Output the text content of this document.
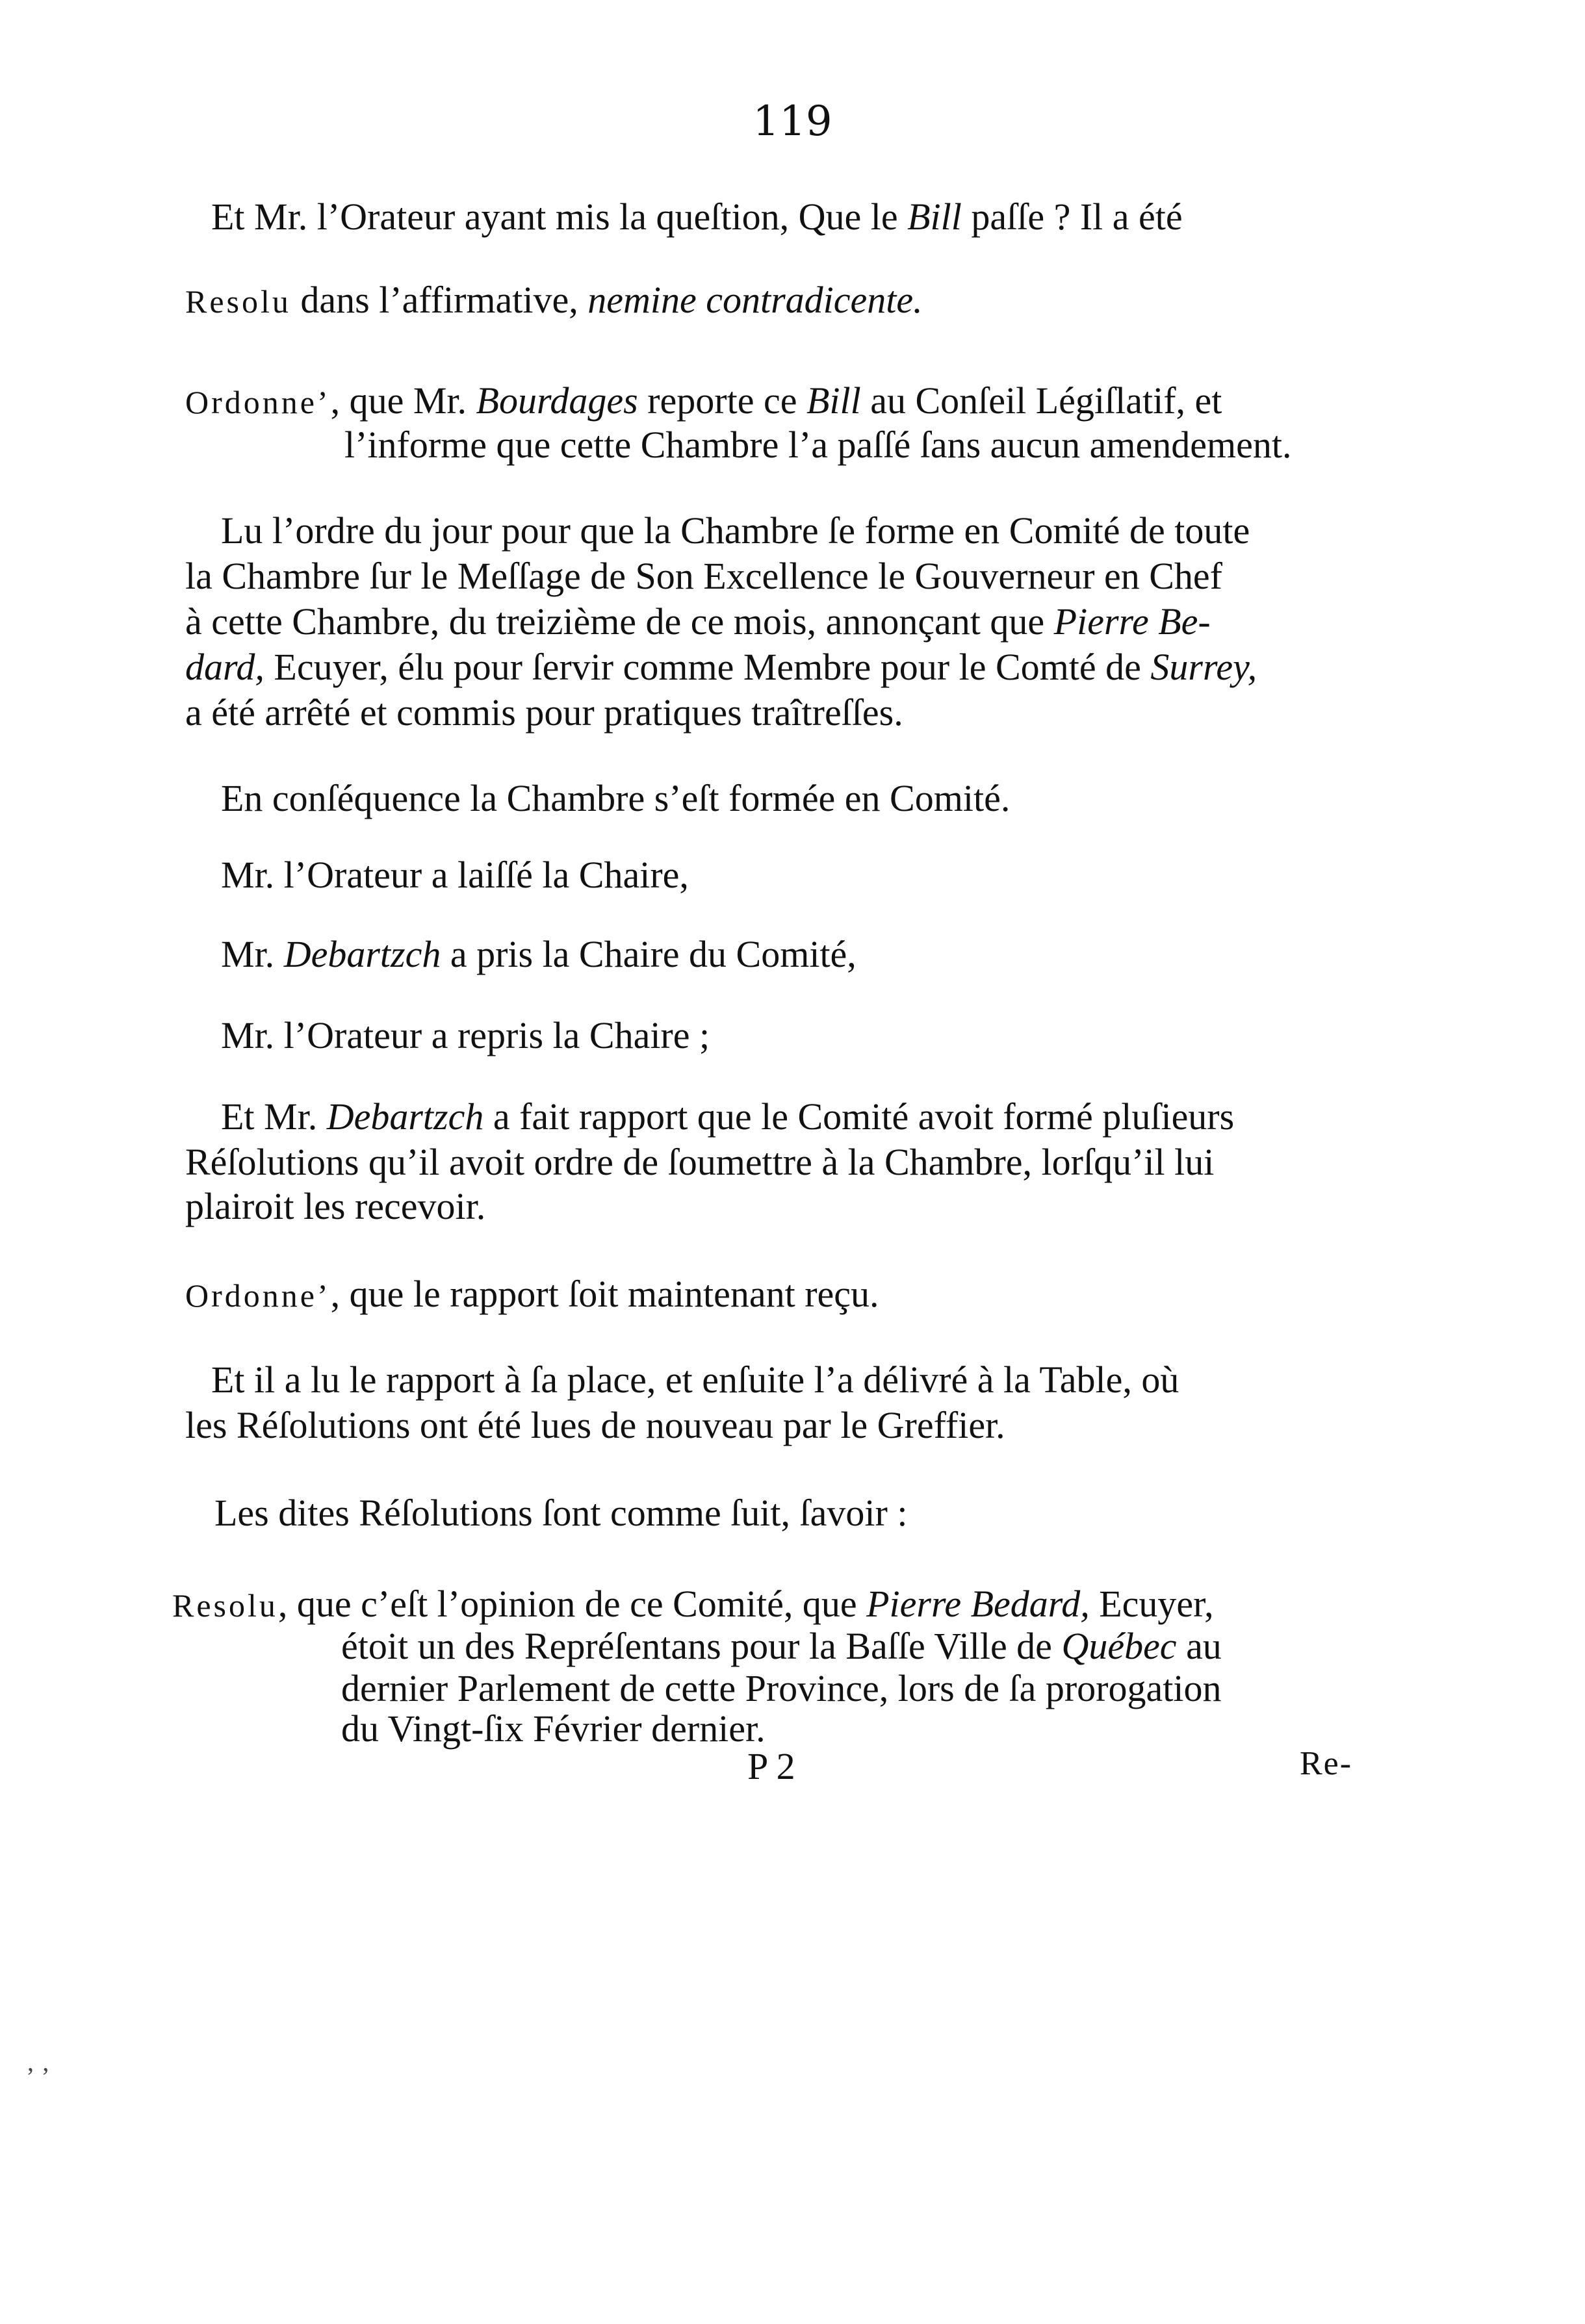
119
Et Mr. l’Orateur ayant mis la queſtion, Que le Bill paſſe ? Il a été
Resolu dans l’affirmative, nemine contradicente.
Ordonne’, que Mr. Bourdages reporte ce Bill au Conſeil Légiſlatif, et
l’informe que cette Chambre l’a paſſé ſans aucun amendement.
Lu l’ordre du jour pour que la Chambre ſe forme en Comité de toute
la Chambre ſur le Meſſage de Son Excellence le Gouverneur en Chef
à cette Chambre, du treizième de ce mois, annonçant que Pierre Be-
dard, Ecuyer, élu pour ſervir comme Membre pour le Comté de Surrey,
a été arrêté et commis pour pratiques traîtreſſes.
En conſéquence la Chambre s’eſt formée en Comité.
Mr. l’Orateur a laiſſé la Chaire,
Mr. Debartzch a pris la Chaire du Comité,
Mr. l’Orateur a repris la Chaire ;
Et Mr. Debartzch a fait rapport que le Comité avoit formé pluſieurs
Réſolutions qu’il avoit ordre de ſoumettre à la Chambre, lorſqu’il lui
plairoit les recevoir.
Ordonne’, que le rapport ſoit maintenant reçu.
Et il a lu le rapport à ſa place, et enſuite l’a délivré à la Table, où
les Réſolutions ont été lues de nouveau par le Greffier.
Les dites Réſolutions ſont comme ſuit, ſavoir :
Resolu, que c’eſt l’opinion de ce Comité, que Pierre Bedard, Ecuyer,
étoit un des Repréſentans pour la Baſſe Ville de Québec au
dernier Parlement de cette Province, lors de ſa prorogation
du Vingt-ſix Février dernier.
P 2	Re-
‚ ‚
